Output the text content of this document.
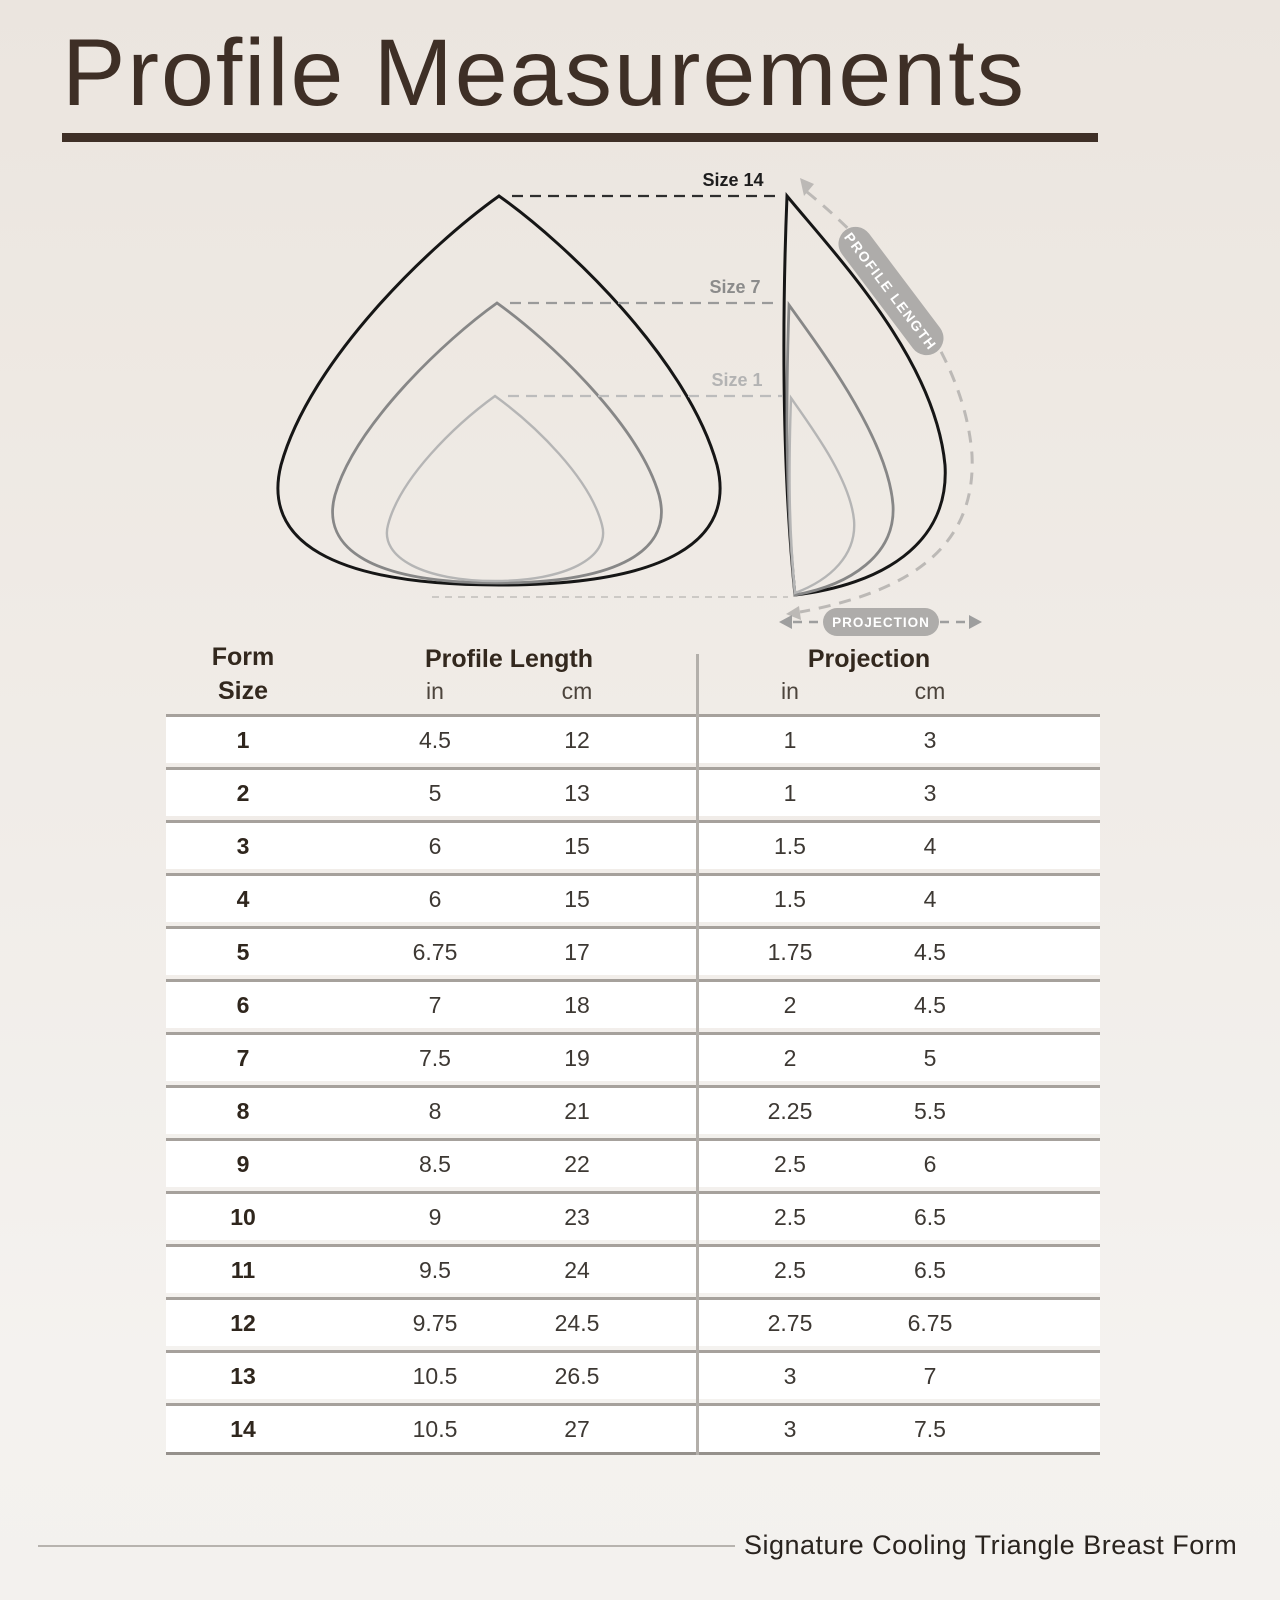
Profile Measurements
Size 14
Size 7
Size 1
PROFILE LENGTH
PROJECTION
Form	Profile Length	Projection
Size	in	cm	in	cm
1	4.5	12	1	3
2	5	13	1	3
3	6	15	1.5	4
4	6	15	1.5	4
5	6.75	17	1.75	4.5
6	7	18	2	4.5
7	7.5	19	2	5
8	8	21	2.25	5.5
9	8.5	22	2.5	6
10	9	23	2.5	6.5
11	9.5	24	2.5	6.5
12	9.75	24.5	2.75	6.75
13	10.5	26.5	3	7
14	10.5	27	3	7.5
Signature Cooling Triangle Breast Form
